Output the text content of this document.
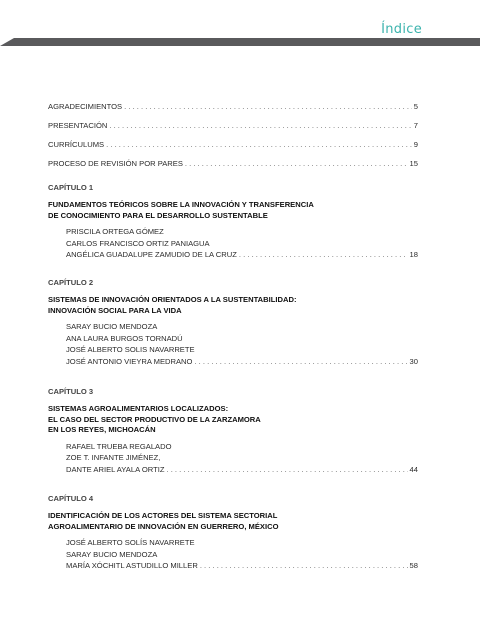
Índice
AGRADECIMIENTOS . . .	5
PRESENTACIÓN . . .	7
CURRÍCULUMS . . .	9
PROCESO DE REVISIÓN POR PARES . . .	15
CAPÍTULO 1
FUNDAMENTOS TEÓRICOS SOBRE LA INNOVACIÓN Y TRANSFERENCIA
DE CONOCIMIENTO PARA EL DESARROLLO SUSTENTABLE
PRISCILA ORTEGA GÓMEZ
CARLOS FRANCISCO ORTIZ PANIAGUA
ANGÉLICA GUADALUPE ZAMUDIO DE LA CRUZ . . .	18
CAPÍTULO 2
SISTEMAS DE INNOVACIÓN ORIENTADOS A LA SUSTENTABILIDAD:
INNOVACIÓN SOCIAL PARA LA VIDA
SARAY BUCIO MENDOZA
ANA LAURA BURGOS TORNADÚ
JOSÉ ALBERTO SOLIS NAVARRETE
JOSÉ ANTONIO VIEYRA MEDRANO . . .	30
CAPÍTULO 3
SISTEMAS AGROALIMENTARIOS LOCALIZADOS:
EL CASO DEL SECTOR PRODUCTIVO DE LA ZARZAMORA
EN LOS REYES, MICHOACÁN
RAFAEL TRUEBA REGALADO
ZOE T. INFANTE JIMÉNEZ,
DANTE ARIEL AYALA ORTIZ . . .	44
CAPÍTULO 4
IDENTIFICACIÓN DE LOS ACTORES DEL SISTEMA SECTORIAL
AGROALIMENTARIO DE INNOVACIÓN EN GUERRERO, MÉXICO
JOSÉ ALBERTO SOLÍS NAVARRETE
SARAY BUCIO MENDOZA
MARÍA XÓCHITL ASTUDILLO MILLER . . .	58
